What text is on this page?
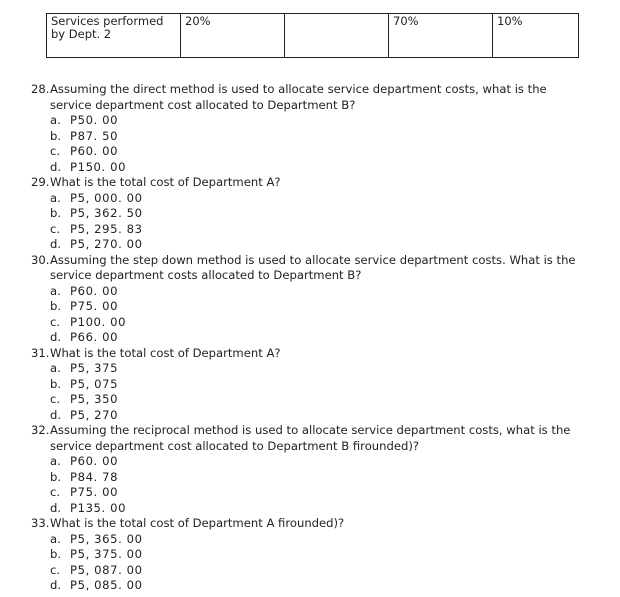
Services performed by Dept. 2	20%		70%	10%
28. Assuming the direct method is used to allocate service department costs, what is the service department cost allocated to Department B?
a. P50. 00
b. P87. 50
c. P60. 00
d. P150. 00
29. What is the total cost of Department A?
a. P5, 000. 00
b. P5, 362. 50
c. P5, 295. 83
d. P5, 270. 00
30. Assuming the step down method is used to allocate service department costs. What is the service department costs allocated to Department B?
a. P60. 00
b. P75. 00
c. P100. 00
d. P66. 00
31. What is the total cost of Department A?
a. P5, 375
b. P5, 075
c. P5, 350
d. P5, 270
32. Assuming the reciprocal method is used to allocate service department costs, what is the service department cost allocated to Department B ﬁrounded)?
a. P60. 00
b. P84. 78
c. P75. 00
d. P135. 00
33. What is the total cost of Department A ﬁrounded)?
a. P5, 365. 00
b. P5, 375. 00
c. P5, 087. 00
d. P5, 085. 00
